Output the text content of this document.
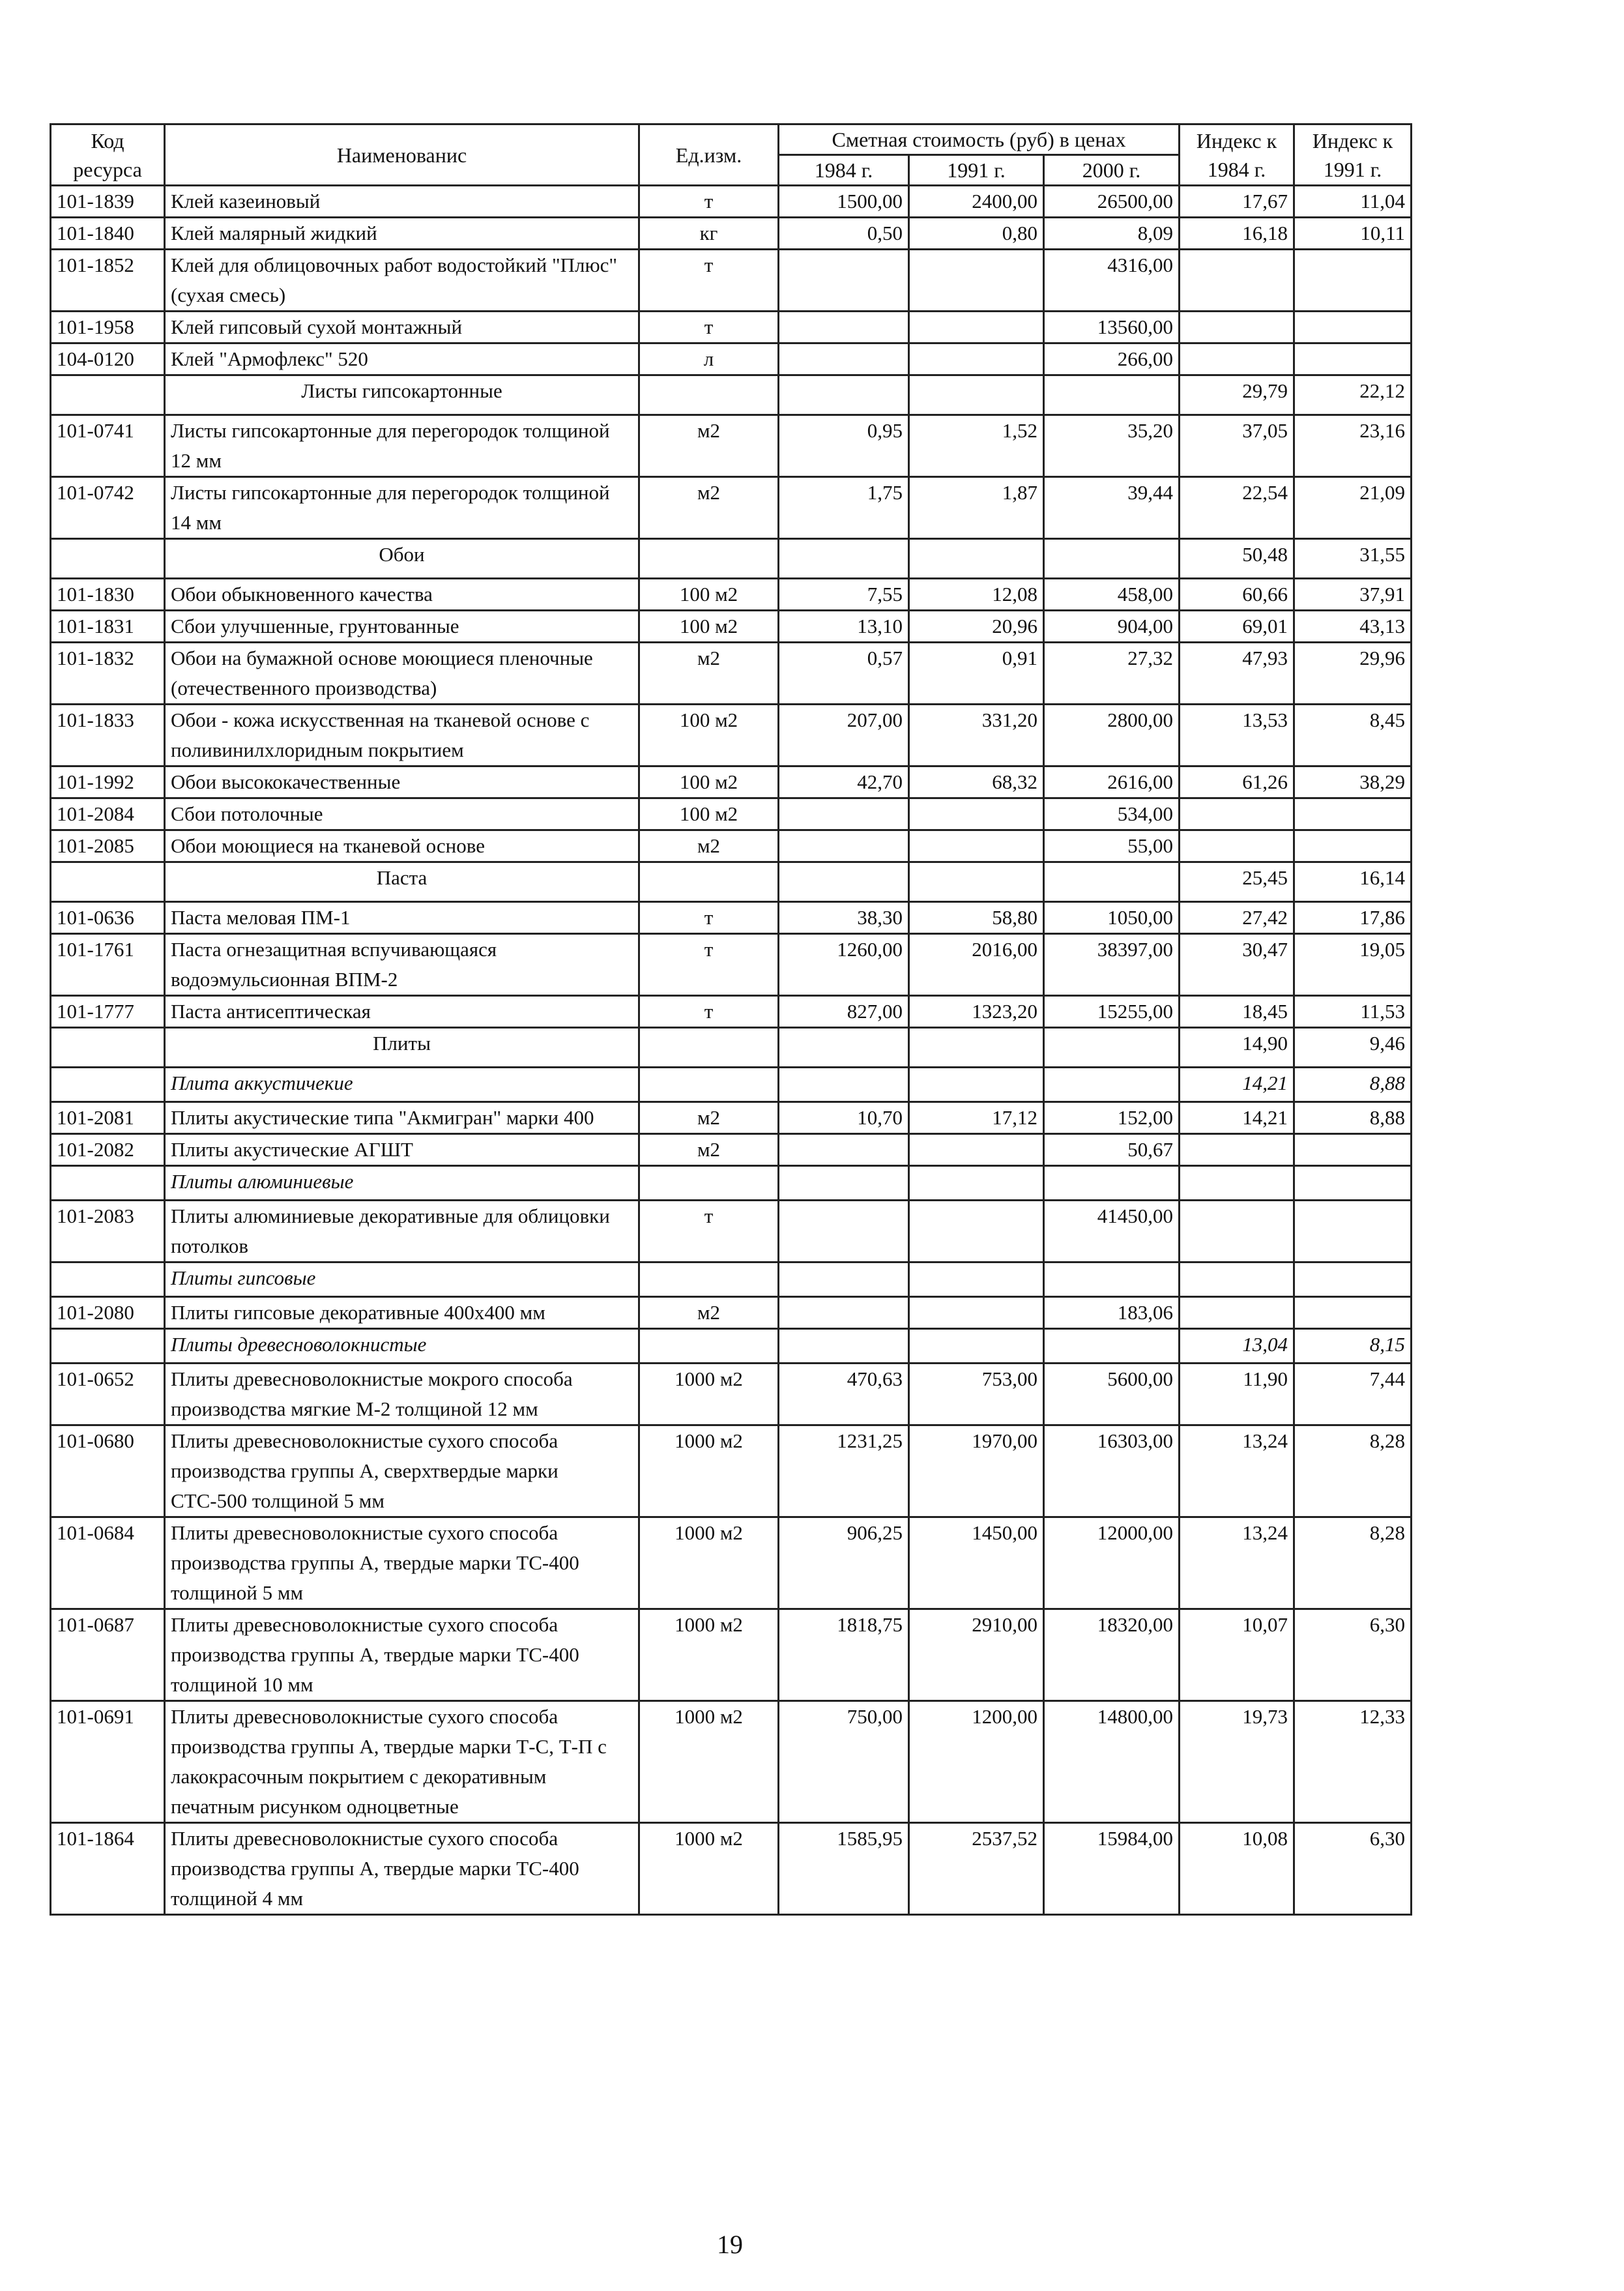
Код ресурса	Наименованис	Ед.изм.	Сметная стоимость (руб) в ценах			Индекс к 1984 г.	Индекс к 1991 г.
			1984 г.	1991 г.	2000 г.		
101-1839	Клей казеиновый	т	1500,00	2400,00	26500,00	17,67	11,04
101-1840	Клей малярный жидкий	кг	0,50	0,80	8,09	16,18	10,11
101-1852	Клей для облицовочных работ водостойкий "Плюс" (сухая смесь)	т			4316,00		
101-1958	Клей гипсовый сухой монтажный	т			13560,00		
104-0120	Клей "Армофлекс" 520	л			266,00		
	Листы гипсокартонные					29,79	22,12
101-0741	Листы гипсокартонные для перегородок толщиной 12 мм	м2	0,95	1,52	35,20	37,05	23,16
101-0742	Листы гипсокартонные для перегородок толщиной 14 мм	м2	1,75	1,87	39,44	22,54	21,09
	Обои					50,48	31,55
101-1830	Обои обыкновенного качества	100 м2	7,55	12,08	458,00	60,66	37,91
101-1831	Сбои улучшенные, грунтованные	100 м2	13,10	20,96	904,00	69,01	43,13
101-1832	Обои на бумажной основе моющиеся пленочные (отечественного производства)	м2	0,57	0,91	27,32	47,93	29,96
101-1833	Обои - кожа искусственная на тканевой основе с поливинилхлоридным покрытием	100 м2	207,00	331,20	2800,00	13,53	8,45
101-1992	Обои высококачественные	100 м2	42,70	68,32	2616,00	61,26	38,29
101-2084	Сбои потолочные	100 м2			534,00		
101-2085	Обои моющиеся на тканевой основе	м2			55,00		
	Паста					25,45	16,14
101-0636	Паста меловая ПМ-1	т	38,30	58,80	1050,00	27,42	17,86
101-1761	Паста огнезащитная вспучивающаяся водоэмульсионная ВПМ-2	т	1260,00	2016,00	38397,00	30,47	19,05
101-1777	Паста антисептическая	т	827,00	1323,20	15255,00	18,45	11,53
	Плиты					14,90	9,46
	Плита аккустичекие					14,21	8,88
101-2081	Плиты акустические типа "Акмигран" марки 400	м2	10,70	17,12	152,00	14,21	8,88
101-2082	Плиты акустические АГШТ	м2			50,67		
	Плиты алюминиевые						
101-2083	Плиты алюминиевые декоративные для облицовки потолков	т			41450,00		
	Плиты гипсовые						
101-2080	Плиты гипсовые декоративные 400х400 мм	м2			183,06		
	Плиты древесноволокнистые					13,04	8,15
101-0652	Плиты древесноволокнистые мокрого способа производства мягкие М-2 толщиной 12 мм	1000 м2	470,63	753,00	5600,00	11,90	7,44
101-0680	Плиты древесноволокнистые сухого способа производства группы А, сверхтвердые марки СТС-500 толщиной 5 мм	1000 м2	1231,25	1970,00	16303,00	13,24	8,28
101-0684	Плиты древесноволокнистые сухого способа производства группы А, твердые марки ТС-400 толщиной 5 мм	1000 м2	906,25	1450,00	12000,00	13,24	8,28
101-0687	Плиты древесноволокнистые сухого способа производства группы А, твердые марки ТС-400 толщиной 10 мм	1000 м2	1818,75	2910,00	18320,00	10,07	6,30
101-0691	Плиты древесноволокнистые сухого способа производства группы А, твердые марки Т-С, Т-П с лакокрасочным покрытием с декоративным печатным рисунком одноцветные	1000 м2	750,00	1200,00	14800,00	19,73	12,33
101-1864	Плиты древесноволокнистые сухого способа производства группы А, твердые марки ТС-400 толщиной 4 мм	1000 м2	1585,95	2537,52	15984,00	10,08	6,30
19
